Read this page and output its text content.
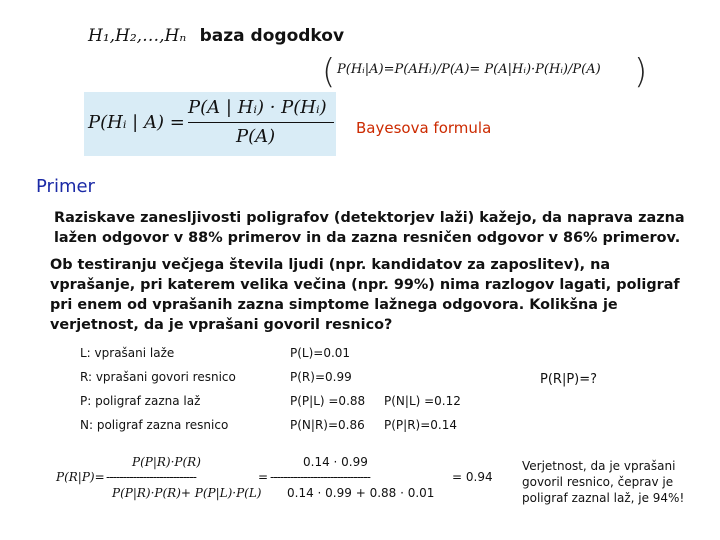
H₁,H₂,…,Hₙ baza dogodkov
( P(Hᵢ|A)=P(AHᵢ)/P(A)= P(A|Hᵢ)·P(Hᵢ)/P(A) )
P(Hᵢ | A) =
P(A | Hᵢ) · P(Hᵢ)
P(A)	Bayesova formula
Primer
Raziskave zanesljivosti poligrafov (detektorjev laži) kažejo, da naprava zazna
lažen odgovor v 88% primerov in da zazna resničen odgovor v 86% primerov.
Ob testiranju večjega števila ljudi (npr. kandidatov za zaposlitev), na
vprašanje, pri katerem velika večina (npr. 99%) nima razlogov lagati, poligraf
pri enem od vprašanih zazna simptome lažnega odgovora. Kolikšna je
verjetnost, da je vprašani govoril resnico?
L: vprašani laže	P(L)=0.01
R: vprašani govori resnico	P(R)=0.99
P: poligraf zazna laž	P(P|L) =0.88 P(N|L) =0.12
N: poligraf zazna resnico	P(N|R)=0.86 P(P|R)=0.14
P(R|P)=?
P(P|R)·P(R)
P(R|P)= ---------------------------	= ------------------------------	= 0.94
P(P|R)·P(R)+ P(P|L)·P(L)
0.14 · 0.99
0.14 · 0.99 + 0.88 · 0.01
Verjetnost, da je vprašani
govoril resnico, čeprav je
poligraf zaznal laž, je 94%!
